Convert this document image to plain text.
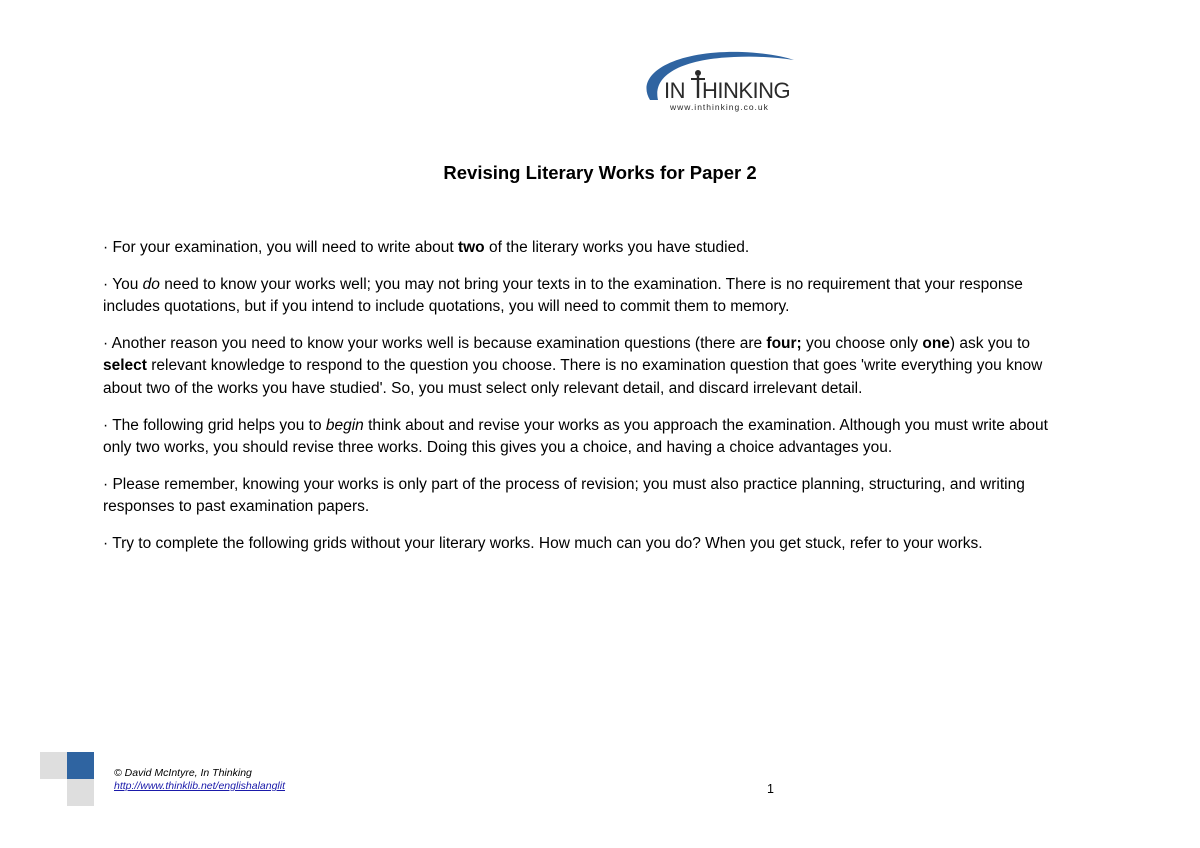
IN HINKING
www.inthinking.co.uk
Revising Literary Works for Paper 2

· For your examination, you will need to write about two of the literary works you have studied.

· You do need to know your works well; you may not bring your texts in to the examination. There is no requirement that your response includes quotations, but if you intend to include quotations, you will need to commit them to memory.

· Another reason you need to know your works well is because examination questions (there are four; you choose only one) ask you to select relevant knowledge to respond to the question you choose. There is no examination question that goes 'write everything you know about two of the works you have studied'. So, you must select only relevant detail, and discard irrelevant detail.

· The following grid helps you to begin think about and revise your works as you approach the examination. Although you must write about only two works, you should revise three works. Doing this gives you a choice, and having a choice advantages you.

· Please remember, knowing your works is only part of the process of revision; you must also practice planning, structuring, and writing responses to past examination papers.

· Try to complete the following grids without your literary works. How much can you do? When you get stuck, refer to your works.

© David McIntyre, In Thinking
http://www.thinklib.net/englishalanglit	1
